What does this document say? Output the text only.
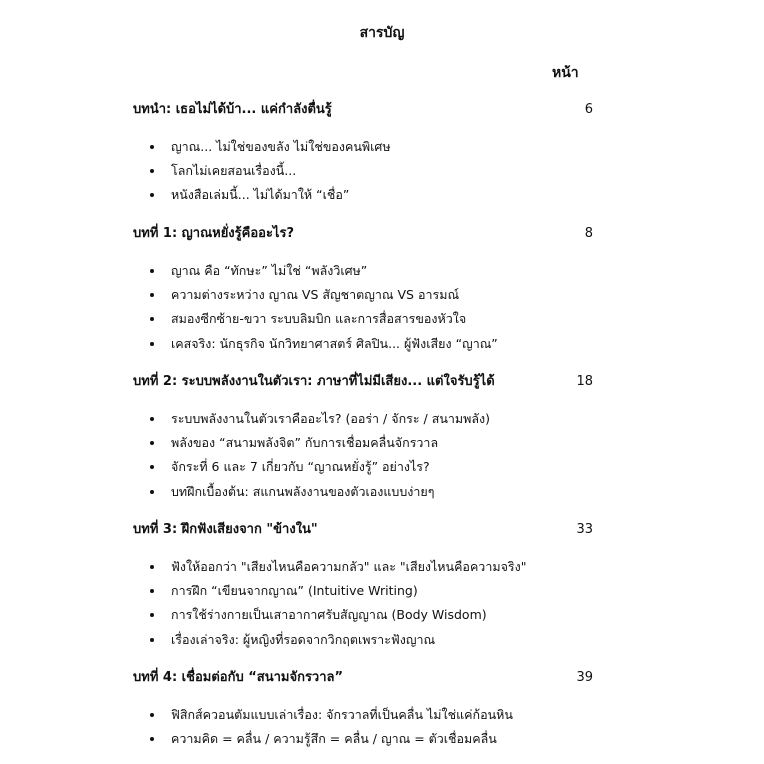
สารบัญ
หน้า
บทนำ: เธอไม่ได้บ้า... แค่กำลังตื่นรู้	6
ญาณ... ไม่ใช่ของขลัง ไม่ใช่ของคนพิเศษ
โลกไม่เคยสอนเรื่องนี้...
หนังสือเล่มนี้... ไม่ได้มาให้ “เชื่อ”
บทที่ 1: ญาณหยั่งรู้คืออะไร?	8
ญาณ คือ “ทักษะ” ไม่ใช่ “พลังวิเศษ”
ความต่างระหว่าง ญาณ VS สัญชาตญาณ VS อารมณ์
สมองซีกซ้าย-ขวา ระบบลิมบิก และการสื่อสารของหัวใจ
เคสจริง: นักธุรกิจ นักวิทยาศาสตร์ ศิลปิน... ผู้ฟังเสียง “ญาณ”
บทที่ 2: ระบบพลังงานในตัวเรา: ภาษาที่ไม่มีเสียง... แต่ใจรับรู้ได้	18
ระบบพลังงานในตัวเราคืออะไร? (ออร่า / จักระ / สนามพลัง)
พลังของ “สนามพลังจิต” กับการเชื่อมคลื่นจักรวาล
จักระที่ 6 และ 7 เกี่ยวกับ “ญาณหยั่งรู้” อย่างไร?
บทฝึกเบื้องต้น: สแกนพลังงานของตัวเองแบบง่ายๆ
บทที่ 3: ฝึกฟังเสียงจาก "ข้างใน"	33
ฟังให้ออกว่า "เสียงไหนคือความกลัว" และ "เสียงไหนคือความจริง"
การฝึก “เขียนจากญาณ” (Intuitive Writing)
การใช้ร่างกายเป็นเสาอากาศรับสัญญาณ (Body Wisdom)
เรื่องเล่าจริง: ผู้หญิงที่รอดจากวิกฤตเพราะฟังญาณ
บทที่ 4: เชื่อมต่อกับ “สนามจักรวาล”	39
ฟิสิกส์ควอนตัมแบบเล่าเรื่อง: จักรวาลที่เป็นคลื่น ไม่ใช่แค่ก้อนหิน
ความคิด = คลื่น / ความรู้สึก = คลื่น / ญาณ = ตัวเชื่อมคลื่น
